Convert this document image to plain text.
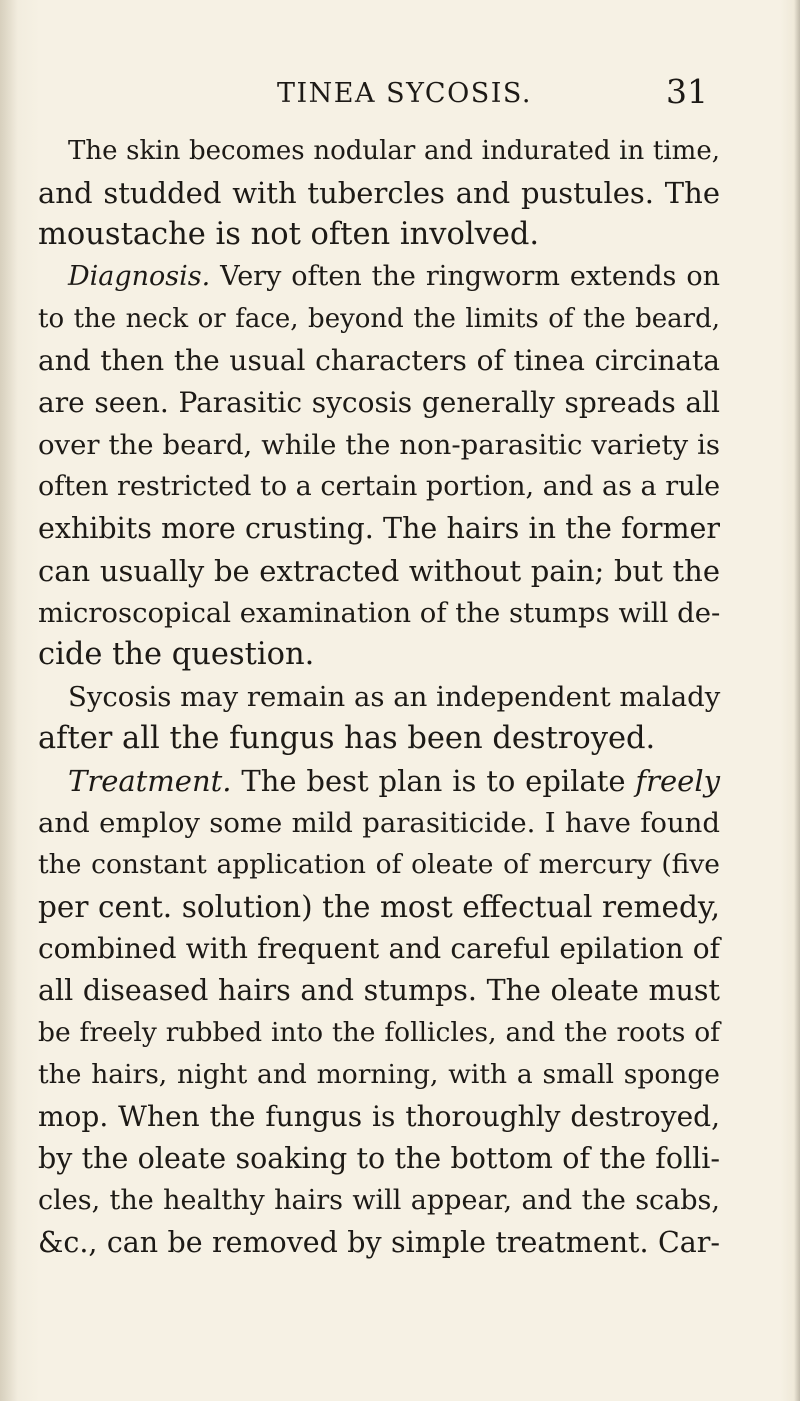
TINEA SYCOSIS.	31
The skin becomes nodular and indurated in time,
and studded with tubercles and pustules. The
moustache is not often involved.
Diagnosis. Very often the ringworm extends on
to the neck or face, beyond the limits of the beard,
and then the usual characters of tinea circinata
are seen. Parasitic sycosis generally spreads all
over the beard, while the non-parasitic variety is
often restricted to a certain portion, and as a rule
exhibits more crusting. The hairs in the former
can usually be extracted without pain; but the
microscopical examination of the stumps will de-
cide the question.
Sycosis may remain as an independent malady
after all the fungus has been destroyed.
Treatment. The best plan is to epilate freely
and employ some mild parasiticide. I have found
the constant application of oleate of mercury (five
per cent. solution) the most effectual remedy,
combined with frequent and careful epilation of
all diseased hairs and stumps. The oleate must
be freely rubbed into the follicles, and the roots of
the hairs, night and morning, with a small sponge
mop. When the fungus is thoroughly destroyed,
by the oleate soaking to the bottom of the folli-
cles, the healthy hairs will appear, and the scabs,
&c., can be removed by simple treatment. Car-
